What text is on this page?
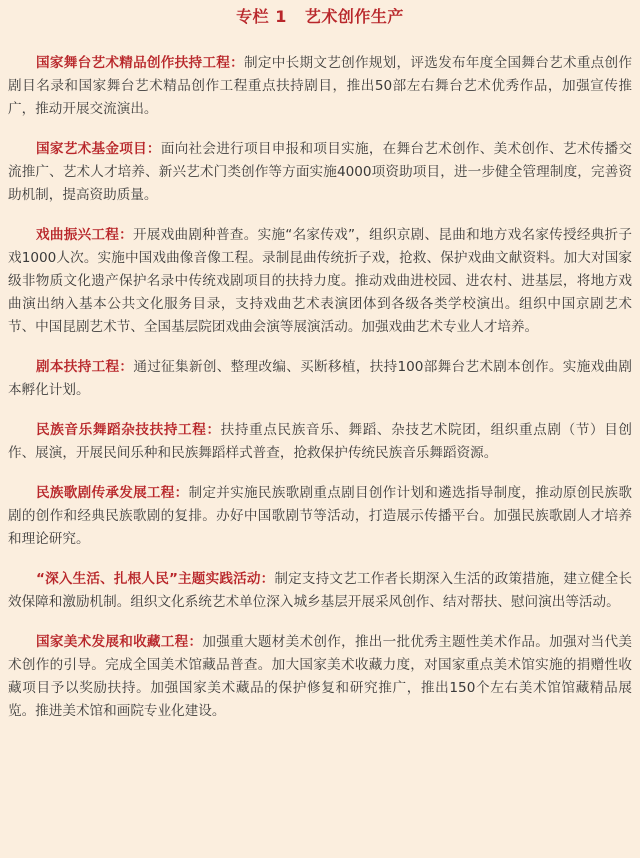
专栏 1 艺术创作生产

国家舞台艺术精品创作扶持工程：制定中长期文艺创作规划，评选发布年度全国舞台艺术重点创作剧目名录和国家舞台艺术精品创作工程重点扶持剧目，推出50部左右舞台艺术优秀作品，加强宣传推广，推动开展交流演出。

国家艺术基金项目：面向社会进行项目申报和项目实施，在舞台艺术创作、美术创作、艺术传播交流推广、艺术人才培养、新兴艺术门类创作等方面实施4000项资助项目，进一步健全管理制度，完善资助机制，提高资助质量。

戏曲振兴工程：开展戏曲剧种普查。实施“名家传戏”，组织京剧、昆曲和地方戏名家传授经典折子戏1000人次。实施中国戏曲像音像工程。录制昆曲传统折子戏，抢救、保护戏曲文献资料。加大对国家级非物质文化遗产保护名录中传统戏剧项目的扶持力度。推动戏曲进校园、进农村、进基层，将地方戏曲演出纳入基本公共文化服务目录，支持戏曲艺术表演团体到各级各类学校演出。组织中国京剧艺术节、中国昆剧艺术节、全国基层院团戏曲会演等展演活动。加强戏曲艺术专业人才培养。

剧本扶持工程：通过征集新创、整理改编、买断移植，扶持100部舞台艺术剧本创作。实施戏曲剧本孵化计划。

民族音乐舞蹈杂技扶持工程：扶持重点民族音乐、舞蹈、杂技艺术院团，组织重点剧（节）目创作、展演，开展民间乐种和民族舞蹈样式普查，抢救保护传统民族音乐舞蹈资源。

民族歌剧传承发展工程：制定并实施民族歌剧重点剧目创作计划和遴选指导制度，推动原创民族歌剧的创作和经典民族歌剧的复排。办好中国歌剧节等活动，打造展示传播平台。加强民族歌剧人才培养和理论研究。

“深入生活、扎根人民”主题实践活动：制定支持文艺工作者长期深入生活的政策措施，建立健全长效保障和激励机制。组织文化系统艺术单位深入城乡基层开展采风创作、结对帮扶、慰问演出等活动。

国家美术发展和收藏工程：加强重大题材美术创作，推出一批优秀主题性美术作品。加强对当代美术创作的引导。完成全国美术馆藏品普查。加大国家美术收藏力度，对国家重点美术馆实施的捐赠性收藏项目予以奖励扶持。加强国家美术藏品的保护修复和研究推广，推出150个左右美术馆馆藏精品展览。推进美术馆和画院专业化建设。
